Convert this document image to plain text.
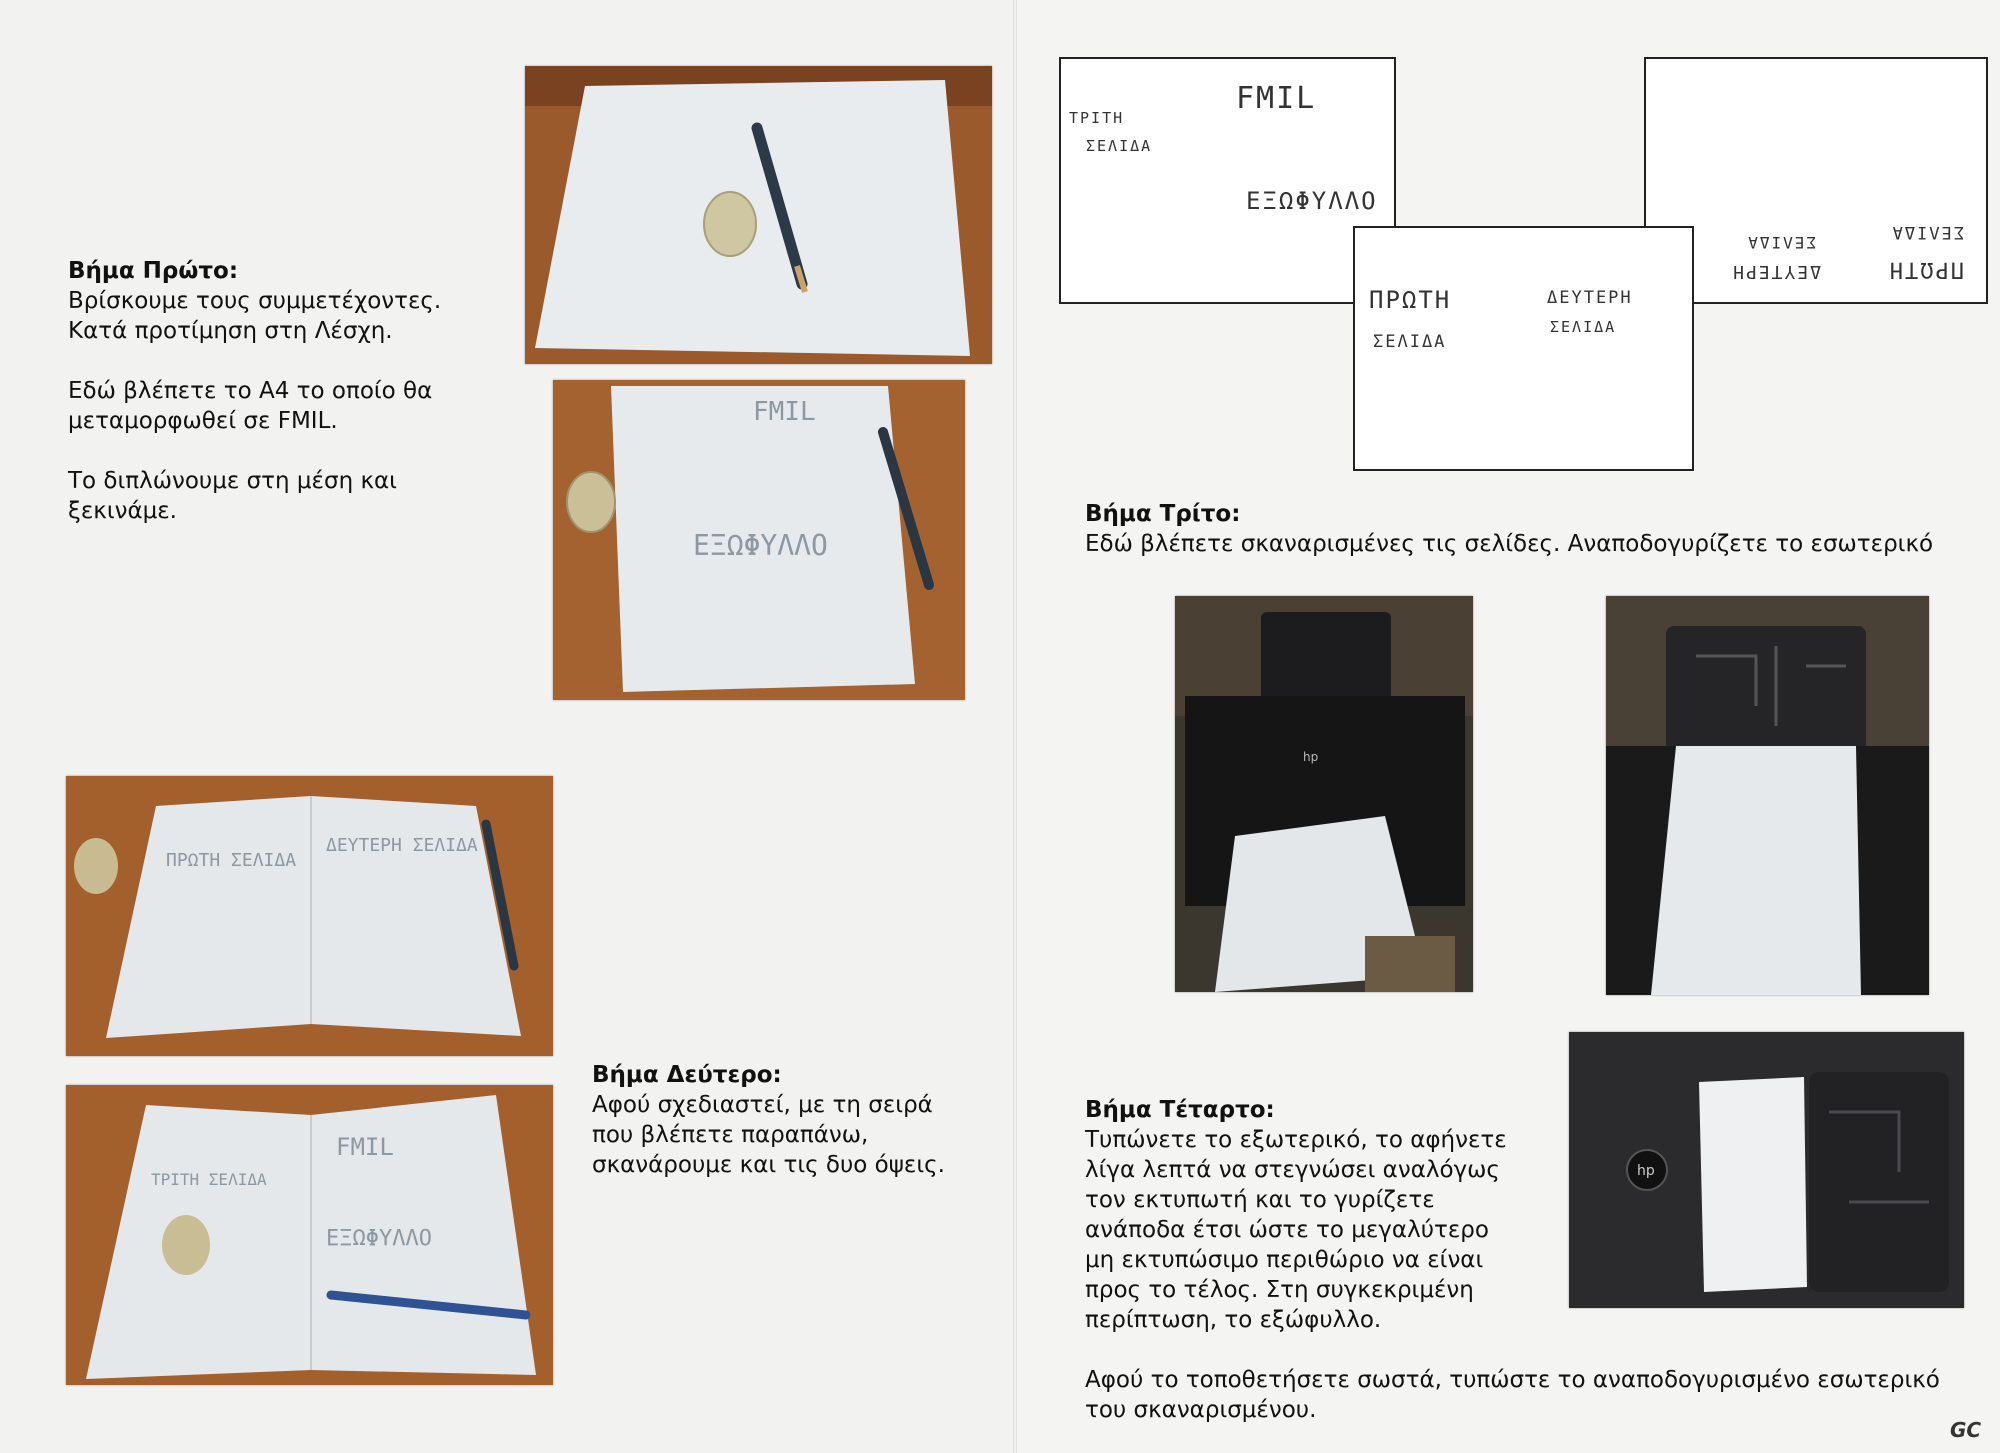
Βήμα Πρώτο:
Βρίσκουμε τους συμμετέχοντες.
Κατά προτίμηση στη Λέσχη.

Εδώ βλέπετε το Α4 το οποίο θα
μεταμορφωθεί σε FMIL.

Το διπλώνουμε στη μέση και
ξεκινάμε.

FMIL
ΕΞΩΦΥΛΛΟ
ΠΡΩΤΗ ΣΕΛΙΔΑ
ΔΕΥΤΕΡΗ ΣΕΛΙΔΑ
ΤΡΙΤΗ ΣΕΛΙΔΑ
FMIL
ΕΞΩΦΥΛΛΟ

Βήμα Δεύτερο:
Αφού σχεδιαστεί, με τη σειρά
που βλέπετε παραπάνω,
σκανάρουμε και τις δυο όψεις.

FMIL
ΤΡΙΤΗ
ΣΕΛΙΔΑ
ΕΞΩΦΥΛΛΟ
ΠΡΩΤΗ
ΣΕΛΙΔΑ
ΔΕΥΤΕΡΗ
ΣΕΛΙΔΑ
ΠΡΩΤΗ
ΣΕΛΙΔΑ
ΔΕΥΤΕΡΗ
ΣΕΛΙΔΑ

Βήμα Τρίτο:
Εδώ βλέπετε σκαναρισμένες τις σελίδες. Αναποδογυρίζετε το εσωτερικό

hp
hp

Βήμα Τέταρτο:
Τυπώνετε το εξωτερικό, το αφήνετε
λίγα λεπτά να στεγνώσει αναλόγως
τον εκτυπωτή και το γυρίζετε
ανάποδα έτσι ώστε το μεγαλύτερο
μη εκτυπώσιμο περιθώριο να είναι
προς το τέλος. Στη συγκεκριμένη
περίπτωση, το εξώφυλλο.

Αφού το τοποθετήσετε σωστά, τυπώστε το αναποδογυρισμένο εσωτερικό
του σκαναρισμένου.

GC
